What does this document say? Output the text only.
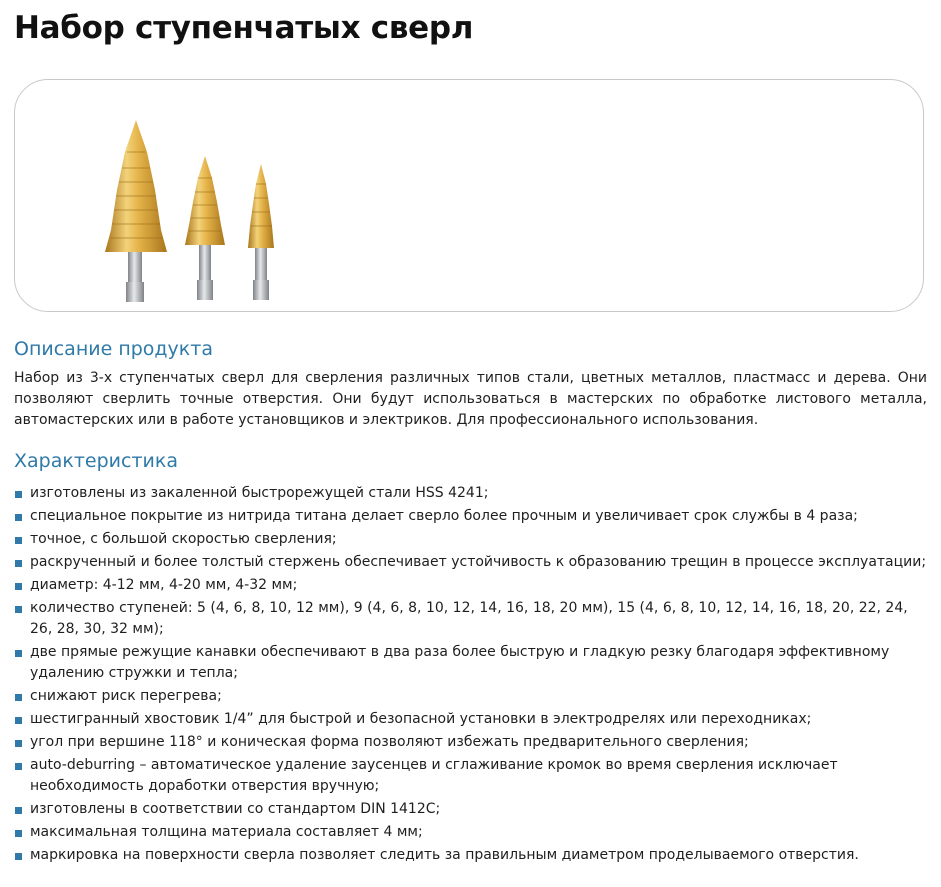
Набор ступенчатых сверл
Описание продукта

Набор из 3-х ступенчатых сверл для сверления различных типов стали, цветных металлов, пластмасс и дерева. Они позволяют сверлить точные отверстия. Они будут использоваться в мастерских по обработке листового металла, автомастерских или в работе установщиков и электриков. Для профессионального использования.

Характеристика
изготовлены из закаленной быстрорежущей стали HSS 4241;
специальное покрытие из нитрида титана делает сверло более прочным и увеличивает срок службы в 4 раза;
точное, с большой скоростью сверления;
раскрученный и более толстый стержень обеспечивает устойчивость к образованию трещин в процессе эксплуатации;
диаметр: 4-12 мм, 4-20 мм, 4-32 мм;
количество ступеней: 5 (4, 6, 8, 10, 12 мм), 9 (4, 6, 8, 10, 12, 14, 16, 18, 20 мм), 15 (4, 6, 8, 10, 12, 14, 16, 18, 20, 22, 24, 26, 28, 30, 32 мм);
две прямые режущие канавки обеспечивают в два раза более быструю и гладкую резку благодаря эффективному удалению стружки и тепла;
снижают риск перегрева;
шестигранный хвостовик 1/4” для быстрой и безопасной установки в электродрелях или переходниках;
угол при вершине 118° и коническая форма позволяют избежать предварительного сверления;
auto-deburring – автоматическое удаление заусенцев и сглаживание кромок во время сверления исключает необходимость доработки отверстия вручную;
изготовлены в соответствии со стандартом DIN 1412C;
максимальная толщина материала составляет 4 мм;
маркировка на поверхности сверла позволяет следить за правильным диаметром проделываемого отверстия.
